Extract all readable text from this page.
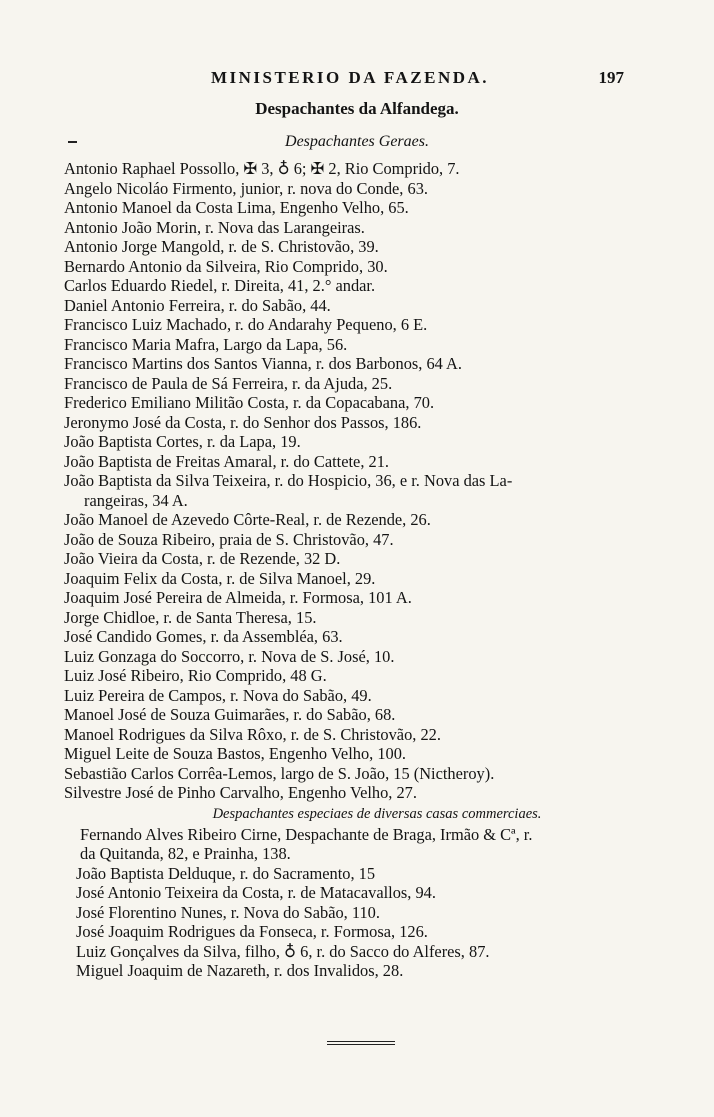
MINISTERIO DA FAZENDA.	197
Despachantes da Alfandega.
Despachantes Geraes.
Antonio Raphael Possollo, ✠ 3, ♁ 6; ✠ 2, Rio Comprido, 7.
Angelo Nicoláo Firmento, junior, r. nova do Conde, 63.
Antonio Manoel da Costa Lima, Engenho Velho, 65.
Antonio João Morin, r. Nova das Larangeiras.
Antonio Jorge Mangold, r. de S. Christovão, 39.
Bernardo Antonio da Silveira, Rio Comprido, 30.
Carlos Eduardo Riedel, r. Direita, 41, 2.° andar.
Daniel Antonio Ferreira, r. do Sabão, 44.
Francisco Luiz Machado, r. do Andarahy Pequeno, 6 E.
Francisco Maria Mafra, Largo da Lapa, 56.
Francisco Martins dos Santos Vianna, r. dos Barbonos, 64 A.
Francisco de Paula de Sá Ferreira, r. da Ajuda, 25.
Frederico Emiliano Militão Costa, r. da Copacabana, 70.
Jeronymo José da Costa, r. do Senhor dos Passos, 186.
João Baptista Cortes, r. da Lapa, 19.
João Baptista de Freitas Amaral, r. do Cattete, 21.
João Baptista da Silva Teixeira, r. do Hospicio, 36, e r. Nova das La-
rangeiras, 34 A.
João Manoel de Azevedo Côrte-Real, r. de Rezende, 26.
João de Souza Ribeiro, praia de S. Christovão, 47.
João Vieira da Costa, r. de Rezende, 32 D.
Joaquim Felix da Costa, r. de Silva Manoel, 29.
Joaquim José Pereira de Almeida, r. Formosa, 101 A.
Jorge Chidloe, r. de Santa Theresa, 15.
José Candido Gomes, r. da Assembléa, 63.
Luiz Gonzaga do Soccorro, r. Nova de S. José, 10.
Luiz José Ribeiro, Rio Comprido, 48 G.
Luiz Pereira de Campos, r. Nova do Sabão, 49.
Manoel José de Souza Guimarães, r. do Sabão, 68.
Manoel Rodrigues da Silva Rôxo, r. de S. Christovão, 22.
Miguel Leite de Souza Bastos, Engenho Velho, 100.
Sebastião Carlos Corrêa-Lemos, largo de S. João, 15 (Nictheroy).
Silvestre José de Pinho Carvalho, Engenho Velho, 27.
Despachantes especiaes de diversas casas commerciaes.
Fernando Alves Ribeiro Cirne, Despachante de Braga, Irmão & Cª, r.
da Quitanda, 82, e Prainha, 138.
João Baptista Delduque, r. do Sacramento, 15
José Antonio Teixeira da Costa, r. de Matacavallos, 94.
José Florentino Nunes, r. Nova do Sabão, 110.
José Joaquim Rodrigues da Fonseca, r. Formosa, 126.
Luiz Gonçalves da Silva, filho, ♁ 6, r. do Sacco do Alferes, 87.
Miguel Joaquim de Nazareth, r. dos Invalidos, 28.
